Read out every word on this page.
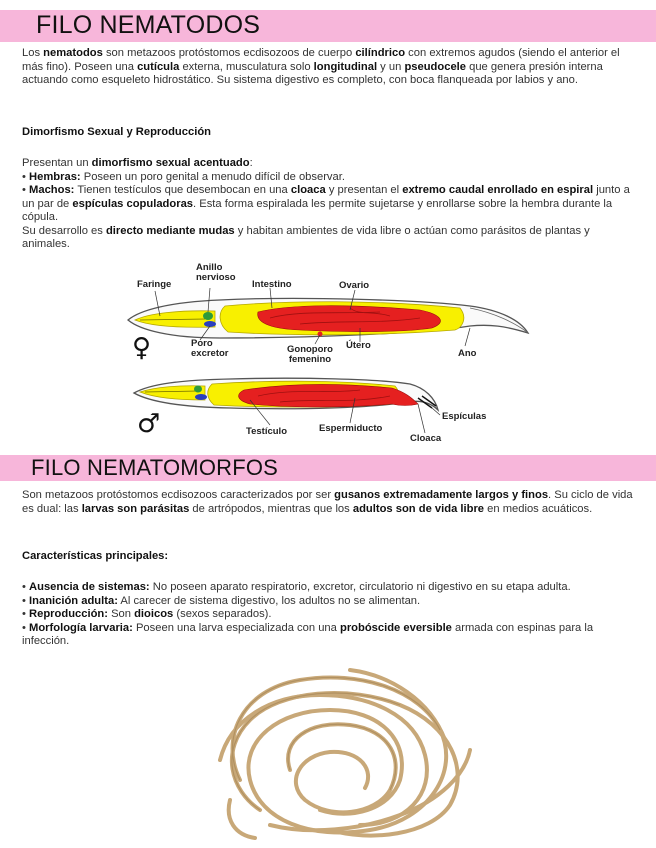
FILO NEMATODOS

Los nematodos son metazoos protóstomos ecdisozoos de cuerpo cilíndrico con extremos agudos (siendo el anterior el más fino). Poseen una cutícula externa, musculatura solo longitudinal y un pseudocele que genera presión interna actuando como esqueleto hidrostático. Su sistema digestivo es completo, con boca flanqueada por labios y ano.

Dimorfismo Sexual y Reproducción

Presentan un dimorfismo sexual acentuado:

• Hembras: Poseen un poro genital a menudo difícil de observar.

• Machos: Tienen testículos que desembocan en una cloaca y presentan el extremo caudal enrollado en espiral junto a un par de espículas copuladoras. Esta forma espiralada les permite sujetarse y enrollarse sobre la hembra durante la cópula.

Su desarrollo es directo mediante mudas y habitan ambientes de vida libre o actúan como parásitos de plantas y animales.

Faringe
Anillo
nervioso
Intestino	Ovario
Poro
excretor	Gonoporo
femenino
Útero
Ano
♀
Testículo	Espermiducto
Cloaca
Espículas
♂
FILO NEMATOMORFOS

Son metazoos protóstomos ecdisozoos caracterizados por ser gusanos extremadamente largos y finos. Su ciclo de vida es dual: las larvas son parásitas de artrópodos, mientras que los adultos son de vida libre en medios acuáticos.

Características principales:

• Ausencia de sistemas: No poseen aparato respiratorio, excretor, circulatorio ni digestivo en su etapa adulta.

• Inanición adulta: Al carecer de sistema digestivo, los adultos no se alimentan.

• Reproducción: Son dioicos (sexos separados).

• Morfología larvaria: Poseen una larva especializada con una probóscide eversible armada con espinas para la infección.
